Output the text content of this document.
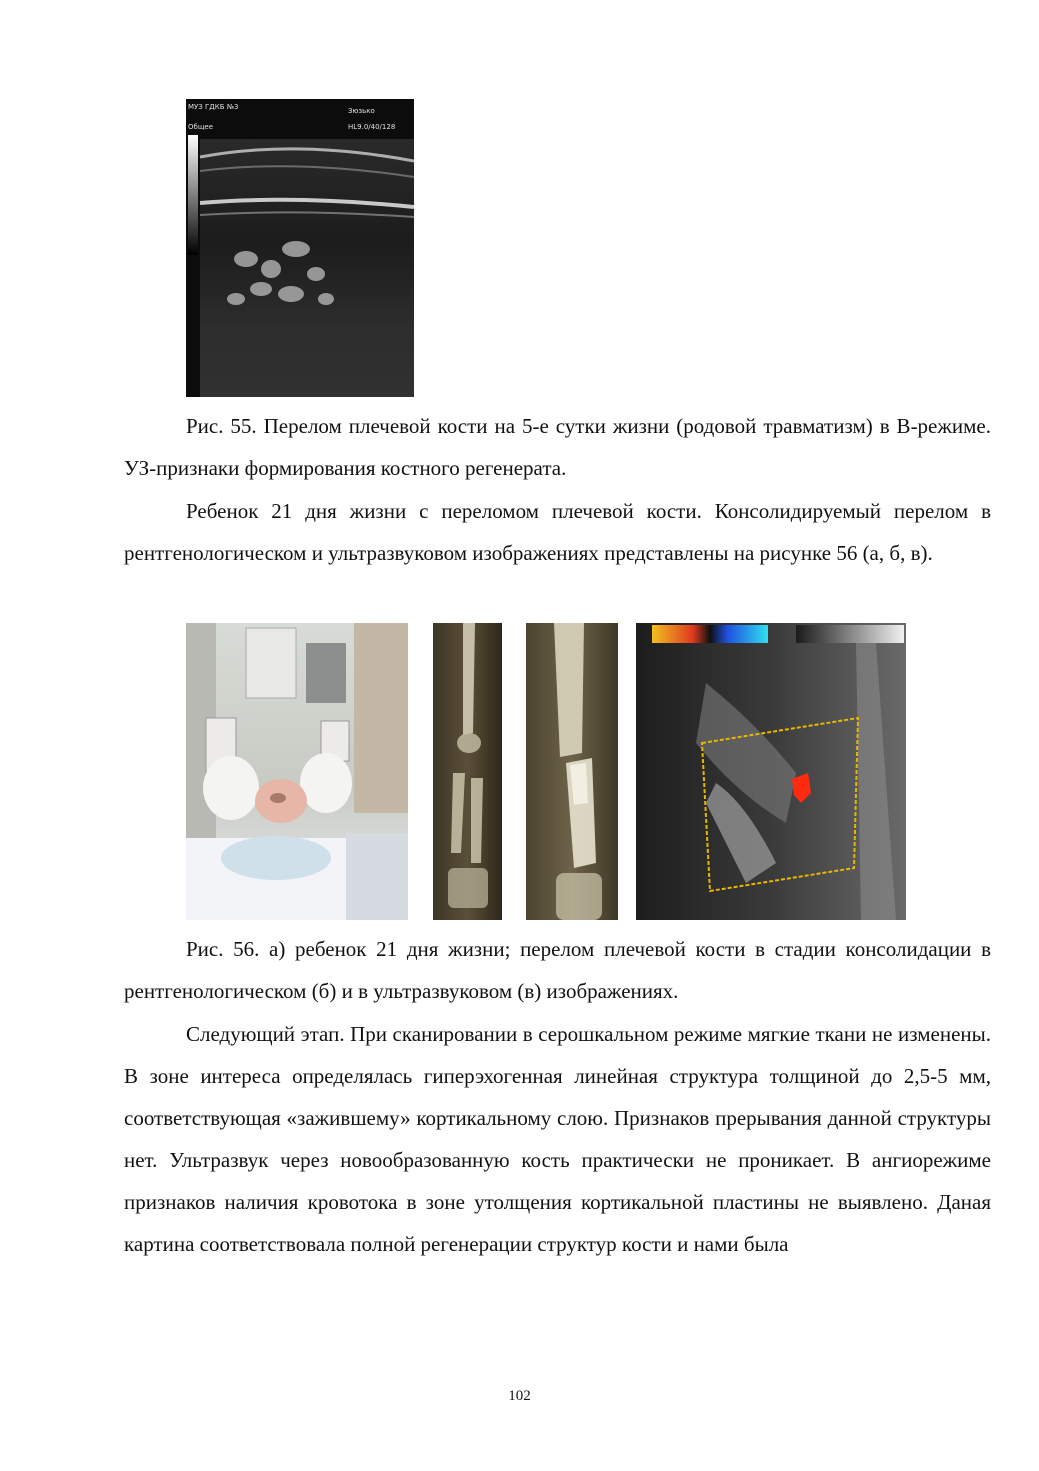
МУЗ ГДКБ №3
Общее
Зюзько
HL9.0/40/128

Рис. 55. Перелом плечевой кости на 5-е сутки жизни (родовой травматизм) в В-режиме. УЗ-признаки формирования костного регенерата.

Ребенок 21 дня жизни с переломом плечевой кости. Консолидируемый перелом в рентгенологическом и ультразвуковом изображениях представлены на рисунке 56 (а, б, в).

Рис. 56. а) ребенок 21 дня жизни; перелом плечевой кости в стадии консолидации в рентгенологическом (б) и в ультразвуковом (в) изображениях.

Следующий этап. При сканировании в серошкальном режиме мягкие ткани не изменены. В зоне интереса определялась гиперэхогенная линейная структура толщиной до 2,5-5 мм, соответствующая «зажившему» кортикальному слою. Признаков прерывания данной структуры нет. Ультразвук через новообразованную кость практически не проникает. В ангиорежиме признаков наличия кровотока в зоне утолщения кортикальной пластины не выявлено. Даная картина соответствовала полной регенерации структур кости и нами была

102
